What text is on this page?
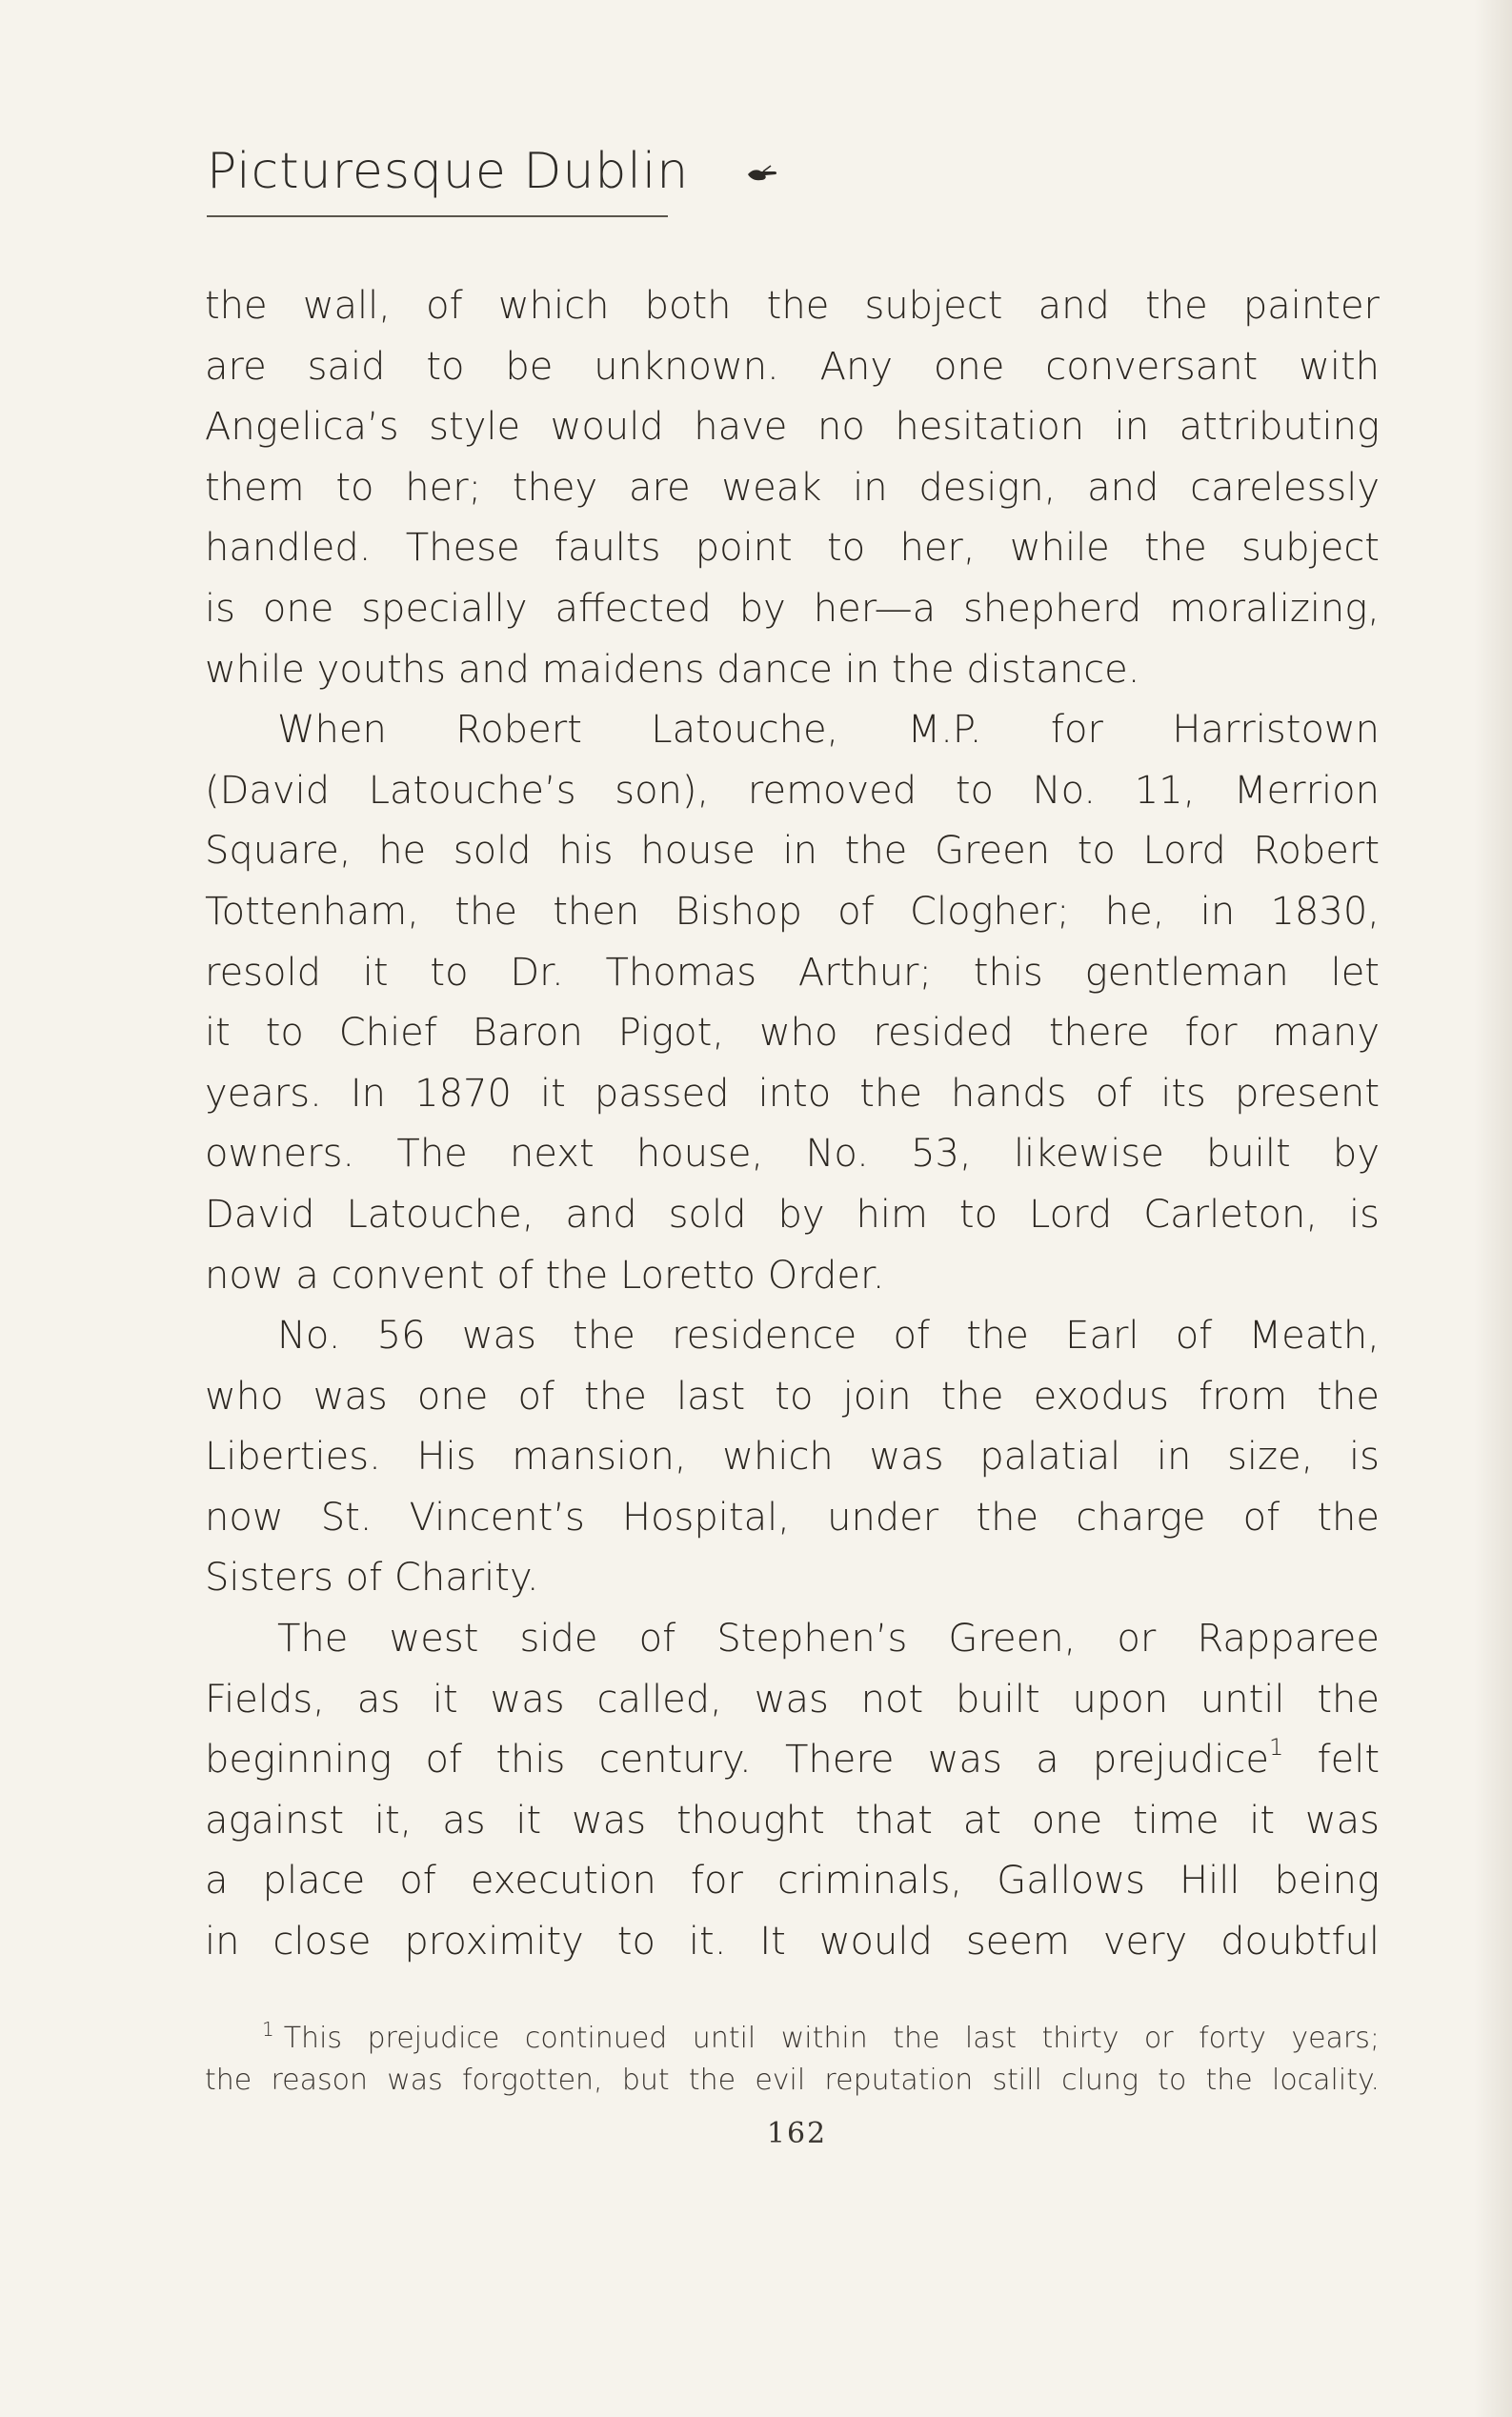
Picturesque Dublin
the wall, of which both the subject and the painter
are said to be unknown. Any one conversant with
Angelica’s style would have no hesitation in attributing
them to her; they are weak in design, and carelessly
handled. These faults point to her, while the subject
is one specially affected by her—a shepherd moralizing,
while youths and maidens dance in the distance.
When Robert Latouche, M.P. for Harristown
(David Latouche’s son), removed to No. 11, Merrion
Square, he sold his house in the Green to Lord Robert
Tottenham, the then Bishop of Clogher; he, in 1830,
resold it to Dr. Thomas Arthur; this gentleman let
it to Chief Baron Pigot, who resided there for many
years. In 1870 it passed into the hands of its present
owners. The next house, No. 53, likewise built by
David Latouche, and sold by him to Lord Carleton, is
now a convent of the Loretto Order.
No. 56 was the residence of the Earl of Meath,
who was one of the last to join the exodus from the
Liberties. His mansion, which was palatial in size, is
now St. Vincent’s Hospital, under the charge of the
Sisters of Charity.
The west side of Stephen’s Green, or Rapparee
Fields, as it was called, was not built upon until the
beginning of this century. There was a prejudice$^1$ felt
against it, as it was thought that at one time it was
a place of execution for criminals, Gallows Hill being
in close proximity to it. It would seem very doubtful
$^1$ This prejudice continued until within the last thirty or forty years;
the reason was forgotten, but the evil reputation still clung to the locality.
162
